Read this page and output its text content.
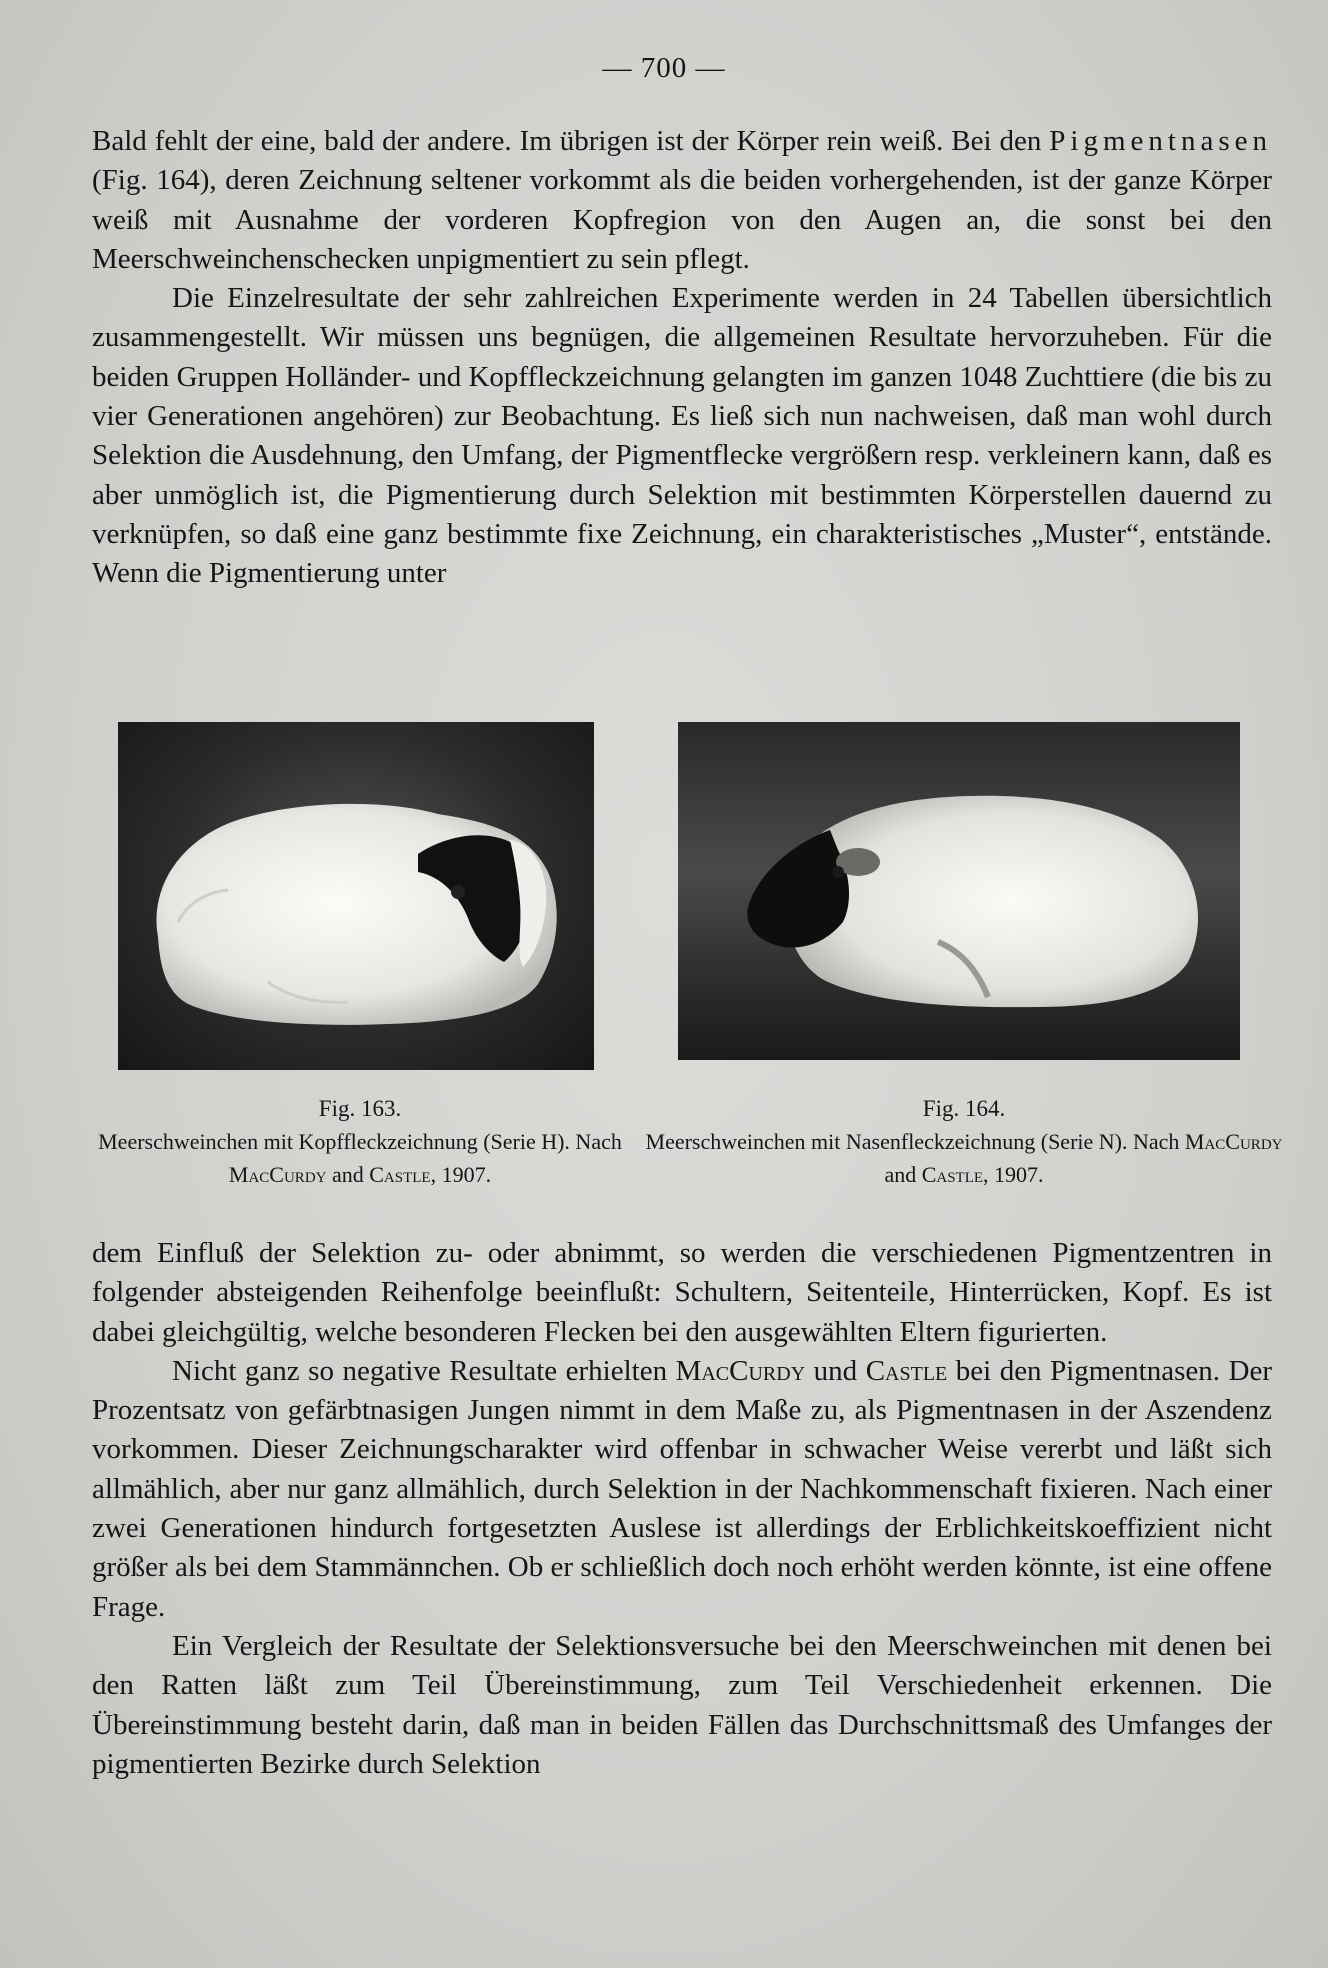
— 700 —

Bald fehlt der eine, bald der andere. Im übrigen ist der Körper rein weiß. Bei den Pigmentnasen (Fig. 164), deren Zeichnung seltener vorkommt als die beiden vorhergehenden, ist der ganze Körper weiß mit Ausnahme der vorderen Kopfregion von den Augen an, die sonst bei den Meerschweinchenschecken unpigmentiert zu sein pflegt.

Die Einzelresultate der sehr zahlreichen Experimente werden in 24 Tabellen übersichtlich zusammengestellt. Wir müssen uns begnügen, die allgemeinen Resultate hervorzuheben. Für die beiden Gruppen Holländer- und Kopffleckzeichnung gelangten im ganzen 1048 Zuchttiere (die bis zu vier Generationen angehören) zur Beobachtung. Es ließ sich nun nachweisen, daß man wohl durch Selektion die Ausdehnung, den Umfang, der Pigmentflecke vergrößern resp. verkleinern kann, daß es aber unmöglich ist, die Pigmentierung durch Selektion mit bestimmten Körperstellen dauernd zu verknüpfen, so daß eine ganz bestimmte fixe Zeichnung, ein charakteristisches „Muster“, entstände. Wenn die Pigmentierung unter

Fig. 163.
Meerschweinchen mit Kopffleckzeichnung (Serie H). Nach MacCurdy and Castle, 1907.
Fig. 164.
Meerschweinchen mit Nasenfleckzeichnung (Serie N). Nach MacCurdy and Castle, 1907.

dem Einfluß der Selektion zu- oder abnimmt, so werden die verschiedenen Pigmentzentren in folgender absteigenden Reihenfolge beeinflußt: Schultern, Seitenteile, Hinterrücken, Kopf. Es ist dabei gleichgültig, welche besonderen Flecken bei den ausgewählten Eltern figurierten.

Nicht ganz so negative Resultate erhielten MacCurdy und Castle bei den Pigmentnasen. Der Prozentsatz von gefärbtnasigen Jungen nimmt in dem Maße zu, als Pigmentnasen in der Aszendenz vorkommen. Dieser Zeichnungscharakter wird offenbar in schwacher Weise vererbt und läßt sich allmählich, aber nur ganz allmählich, durch Selektion in der Nachkommenschaft fixieren. Nach einer zwei Generationen hindurch fortgesetzten Auslese ist allerdings der Erblichkeitskoeffizient nicht größer als bei dem Stammännchen. Ob er schließlich doch noch erhöht werden könnte, ist eine offene Frage.

Ein Vergleich der Resultate der Selektionsversuche bei den Meerschweinchen mit denen bei den Ratten läßt zum Teil Übereinstimmung, zum Teil Verschiedenheit erkennen. Die Übereinstimmung besteht darin, daß man in beiden Fällen das Durchschnittsmaß des Umfanges der pigmentierten Bezirke durch Selektion
